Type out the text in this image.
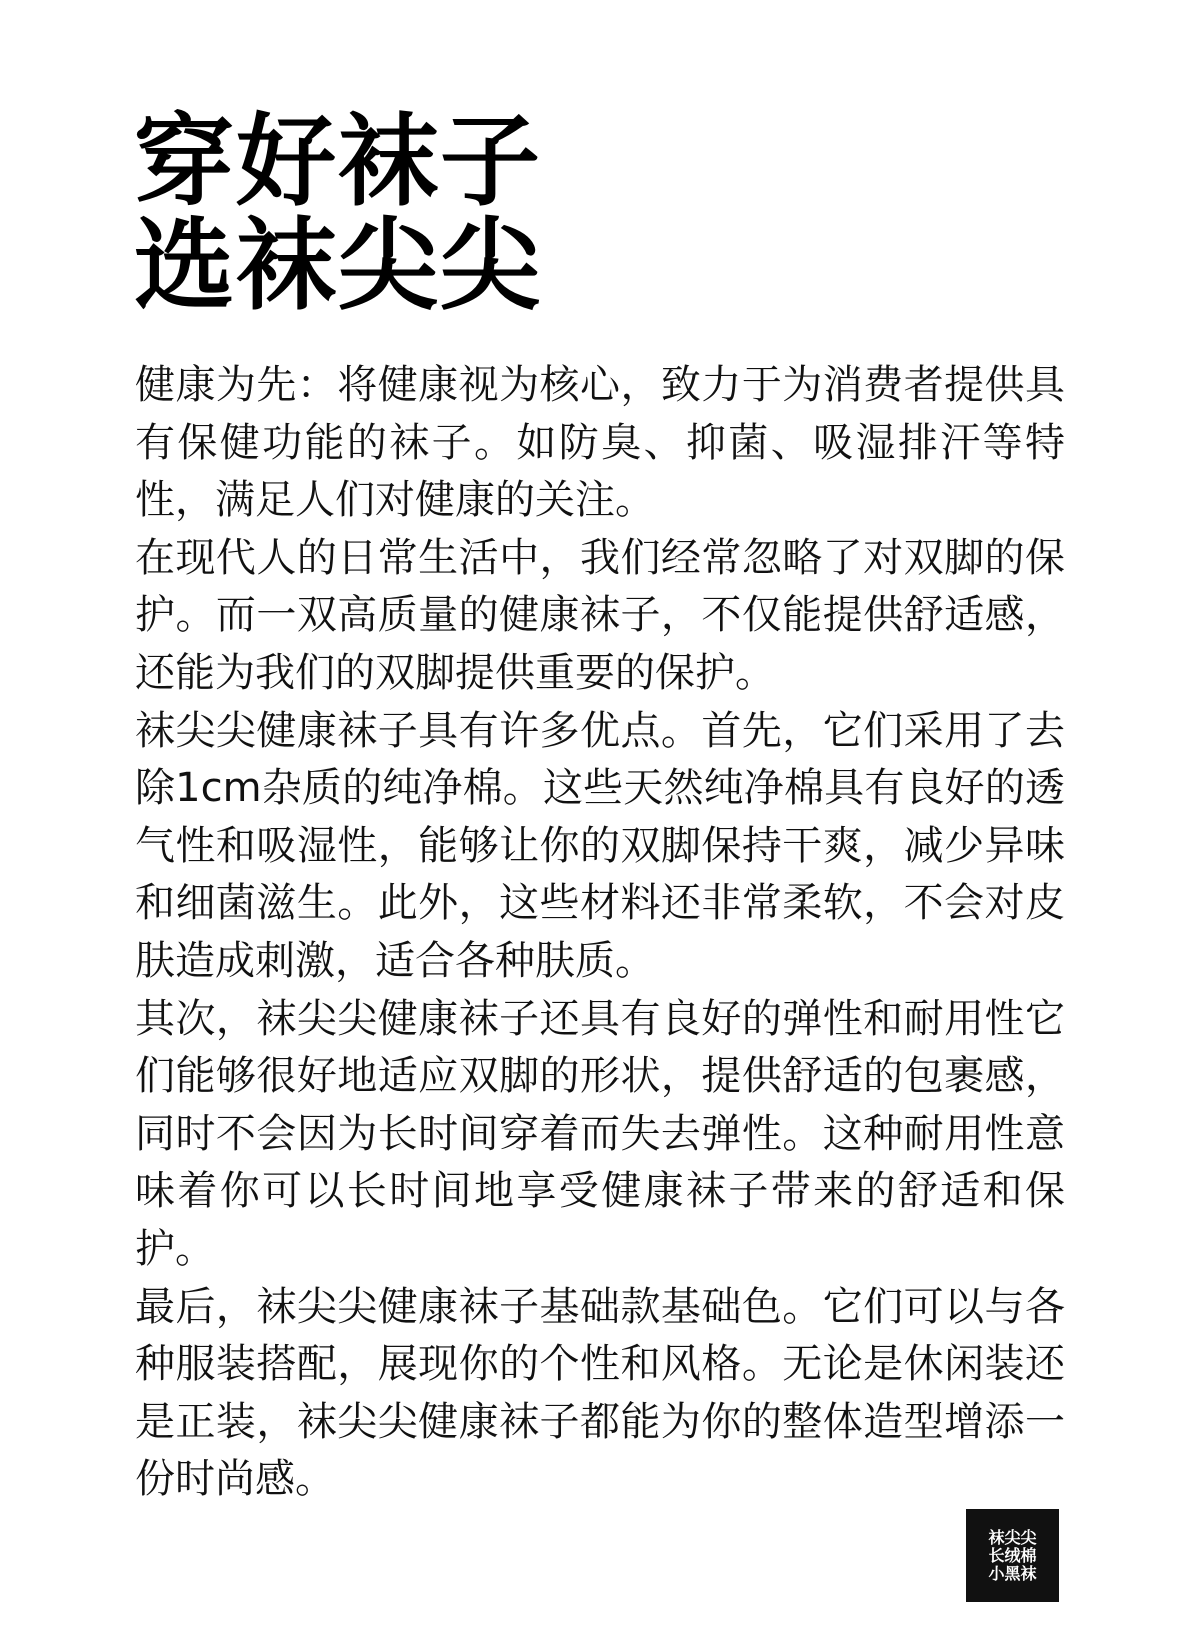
穿好袜子
选袜尖尖

健康为先：将健康视为核心，致力于为消费者提供具有保健功能的袜子。如防臭、抑菌、吸湿排汗等特性，满足人们对健康的关注。

在现代人的日常生活中，我们经常忽略了对双脚的保护。而一双高质量的健康袜子，不仅能提供舒适感，还能为我们的双脚提供重要的保护。

袜尖尖健康袜子具有许多优点。首先，它们采用了去除1cm杂质的纯净棉。这些天然纯净棉具有良好的透气性和吸湿性，能够让你的双脚保持干爽，减少异味和细菌滋生。此外，这些材料还非常柔软，不会对皮肤造成刺激，适合各种肤质。

其次，袜尖尖健康袜子还具有良好的弹性和耐用性它们能够很好地适应双脚的形状，提供舒适的包裹感，同时不会因为长时间穿着而失去弹性。这种耐用性意味着你可以长时间地享受健康袜子带来的舒适和保护。

最后，袜尖尖健康袜子基础款基础色。它们可以与各种服装搭配，展现你的个性和风格。无论是休闲装还是正装，袜尖尖健康袜子都能为你的整体造型增添一份时尚感。

袜尖尖
长绒棉
小黑袜
